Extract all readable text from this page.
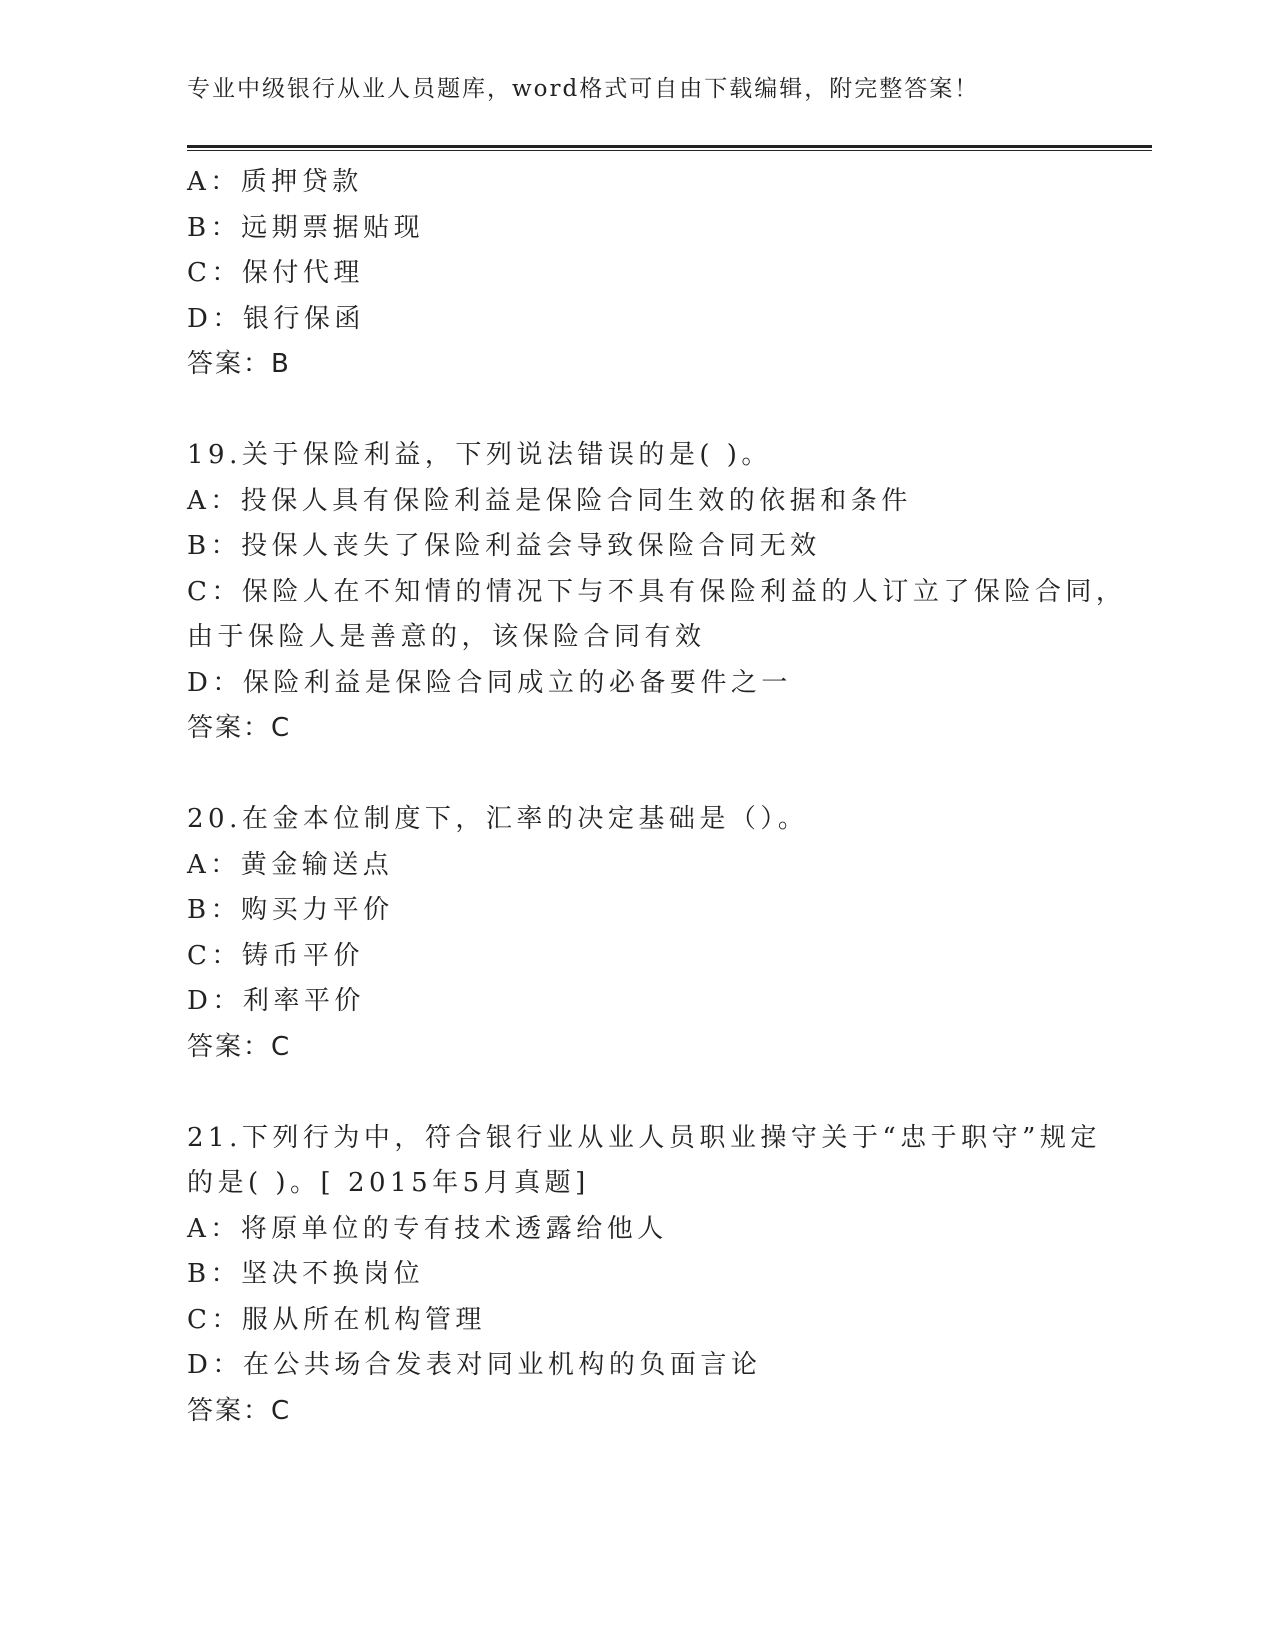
专业中级银行从业人员题库，word格式可自由下载编辑，附完整答案！
A：质押贷款
B：远期票据贴现
C：保付代理
D：银行保函
答案：B
19.关于保险利益，下列说法错误的是( )。
A：投保人具有保险利益是保险合同生效的依据和条件
B：投保人丧失了保险利益会导致保险合同无效
C：保险人在不知情的情况下与不具有保险利益的人订立了保险合同，
由于保险人是善意的，该保险合同有效
D：保险利益是保险合同成立的必备要件之一
答案：C
20.在金本位制度下，汇率的决定基础是（）。
A：黄金输送点
B：购买力平价
C：铸币平价
D：利率平价
答案：C
21.下列行为中，符合银行业从业人员职业操守关于“忠于职守”规定
的是( )。[ 2015年5月真题]
A：将原单位的专有技术透露给他人
B：坚决不换岗位
C：服从所在机构管理
D：在公共场合发表对同业机构的负面言论
答案：C
